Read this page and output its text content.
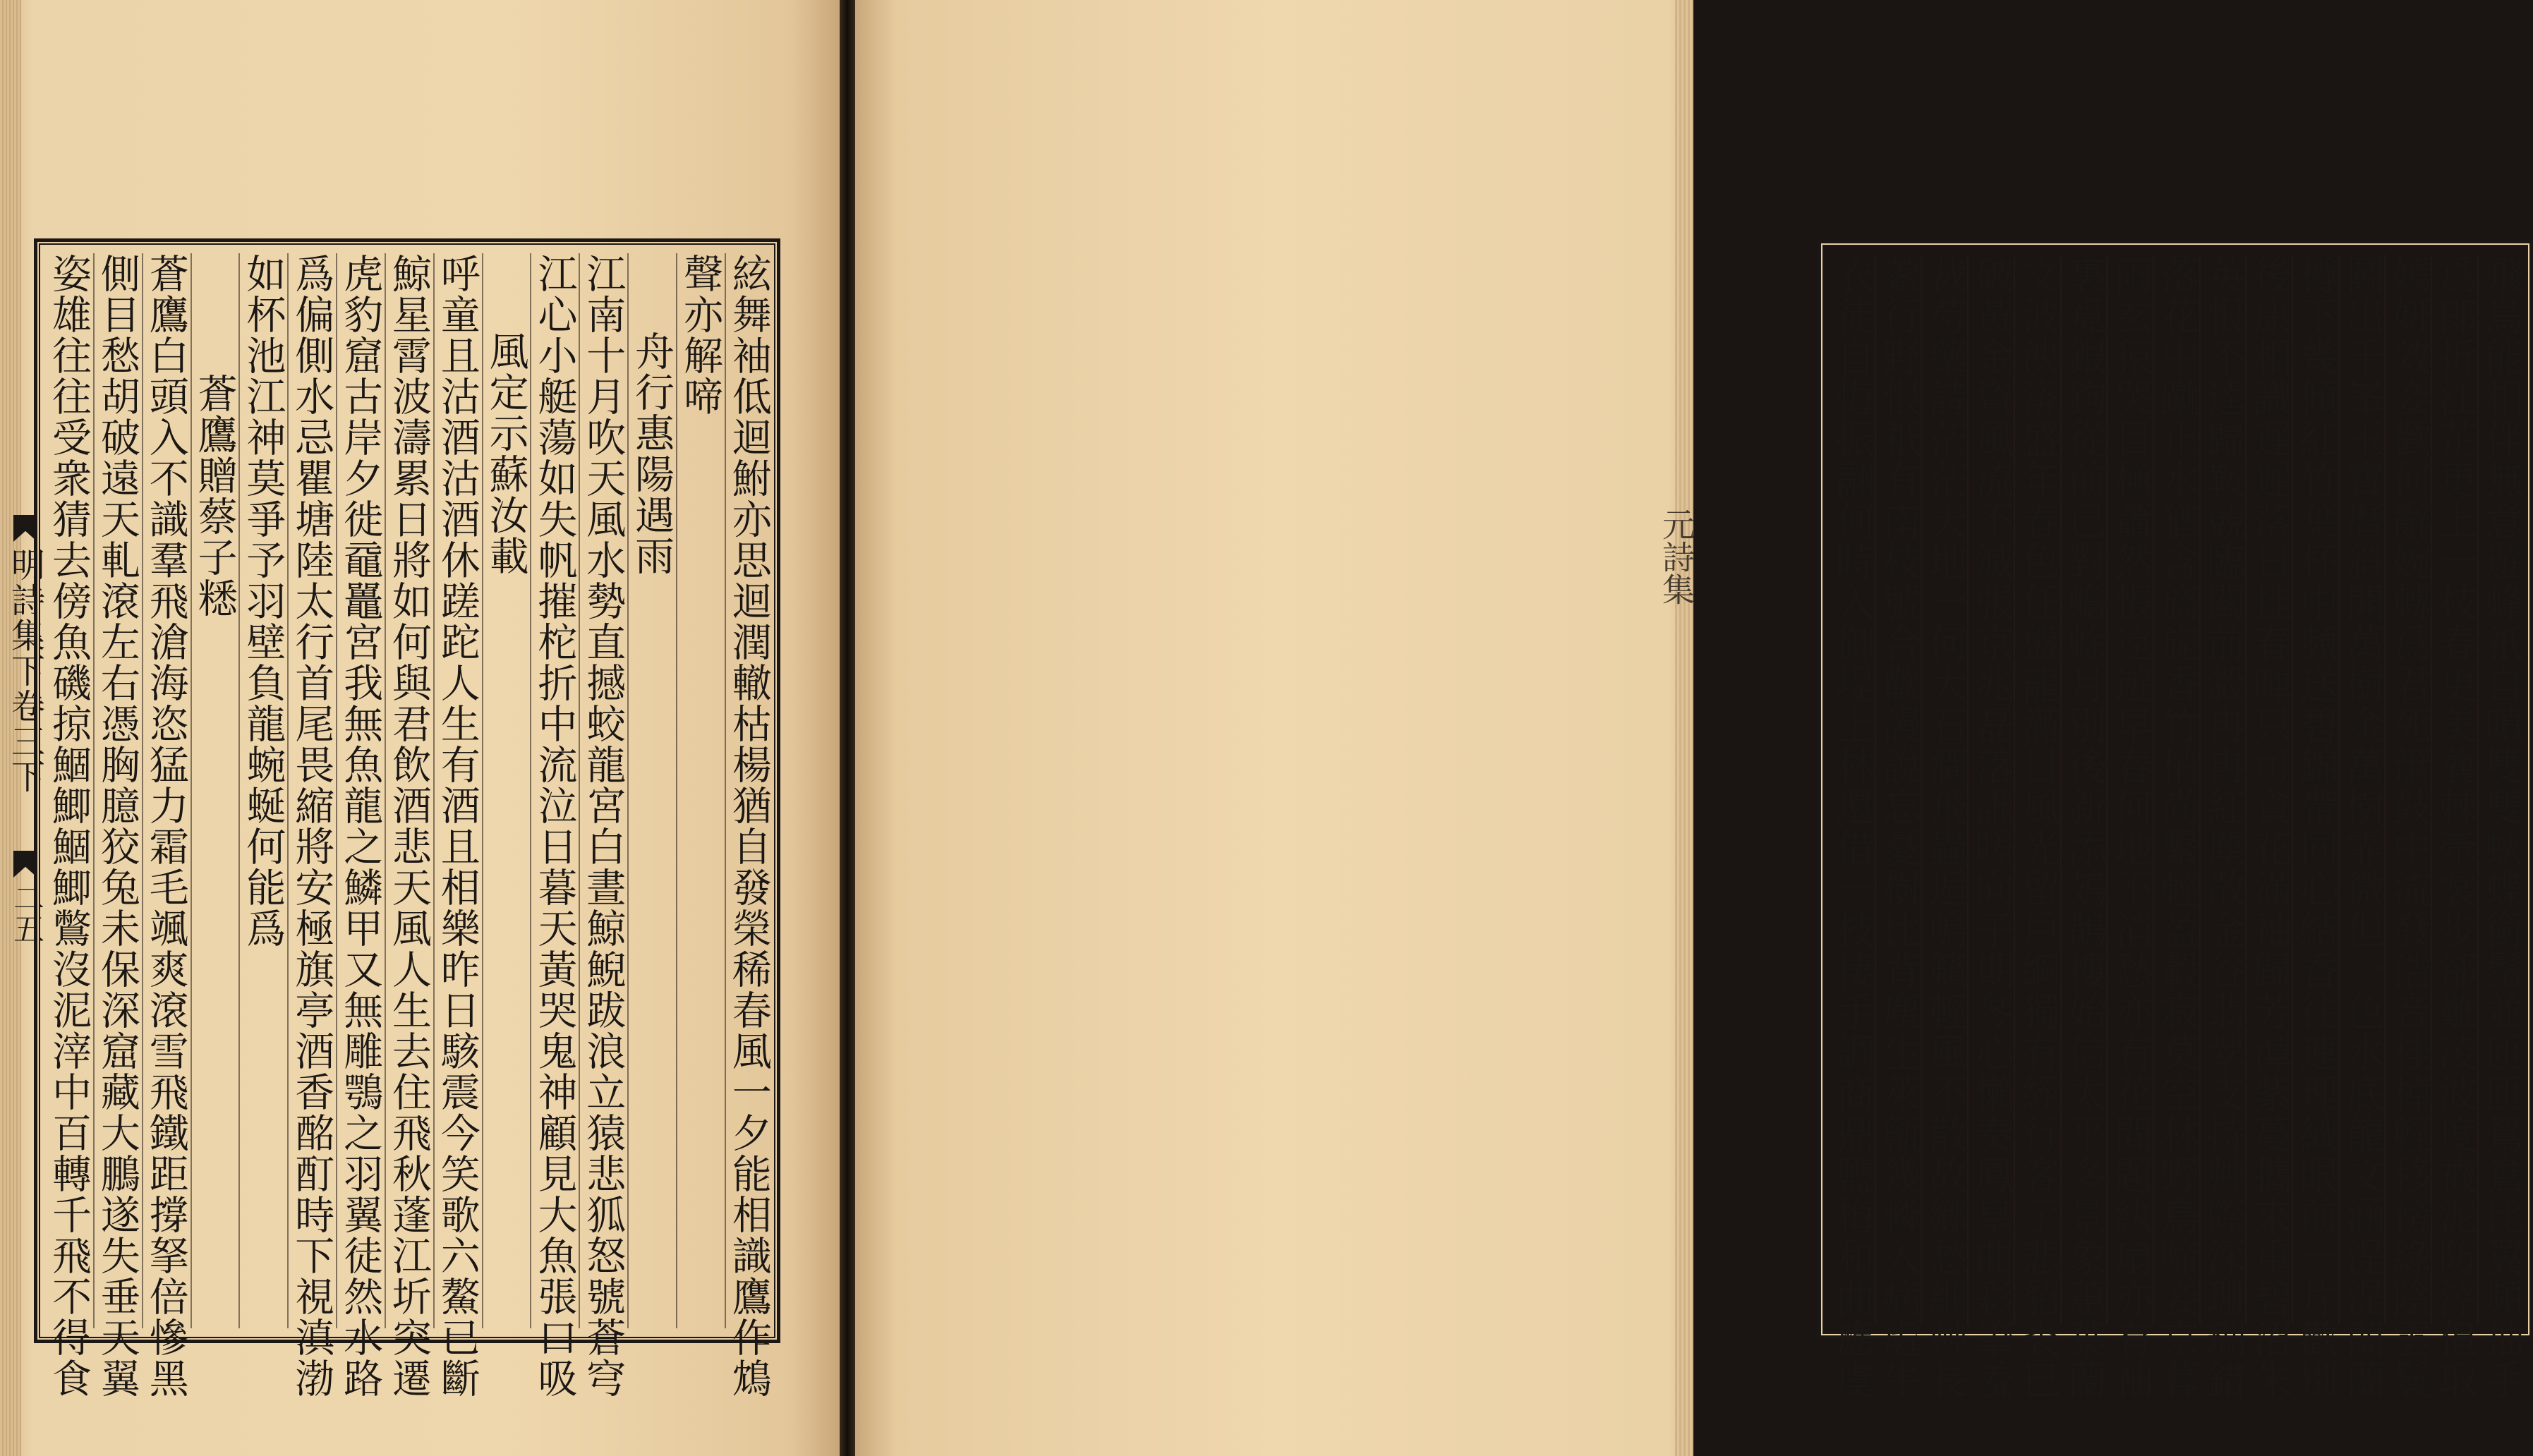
明詩集下卷三下
二五	絃舞袖低迴鮒亦思迴潤轍枯楊猶自發榮稀春風一夕能相識鷹作鴆
聲亦解啼
舟行惠陽遇雨
江南十月吹天風水勢直撼蛟龍宮白晝鯨鯢跋浪立猿悲狐怒號蒼穹
江心小艇蕩如失帆摧柁折中流泣日暮天黃哭鬼神顧見大魚張口吸
風定示蘇汝載
呼童且沽酒沽酒休蹉跎人生有酒且相樂昨日駭震今笑歌六鰲已斷
鯨星霄波濤累日將如何與君飲酒悲天風人生去住飛秋蓬江圻突遷
虎豹窟古岸夕徙黿鼉宮我無魚龍之鱗甲又無雕鶚之羽翼徒然水路
爲偏側水忌瞿塘陸太行首尾畏縮將安極旗亭酒香酩酊時下視滇渤
如杯池江神莫爭予羽壁負龍蜿蜒何能爲
蒼鷹贈蔡子䊝
蒼鷹白頭入不識羣飛滄海恣猛力霜毛颯爽滾雪飛鐵距撐拏倍慘黑
側目愁胡破遠天軋滾左右憑胸臆狡兔未保深窟藏大鵬遂失垂天翼
姿雄往往受衆猜去傍魚磯掠鯝鯽鯝鯽鷩沒泥滓中百轉千飛不得食	飛鳥能相伴無意遊蜂祇自嗔雙雙蛺蝶銜鬚並匝匝鴛鴦比翼頻抽手
爲郎折江芷更上一枝春更美蘘棘牽裳步郤難凌波度襪泥防滓但取
嫣妍效妾歡何辭婉轉爲君死簫鼓中流發浩音桂棹輕移傍綠陰雲鬟
鬬出千峯玉寶曆斜開萬樹金萬樹霏微但一色水底龍文涵湜湜蘭蘭
樽下幾傾紅竹葉杯中頻送碧錦帶同心結香往連理織眼前一片歡別
後康相識遲遲落日挂春暉只可貪花滿袖歸芳潭紫蔓攜來重碧沼朱
英恨不逵歸鞍競臨闗前轂冉冉紅塵散金谷翡翠支持艸際深珊瑚錯
落花中蹴止水猶含旖旎香竹梢尚繫輕盈轂寂莫空林野鳥啼妾京暮
雨玄猿哭目極蕭然悵遠遊早春何地不消愁亦有花間題紈扇亦有袖
裏覓銀鉤從前已對蟾蜍月別後新添鳷鵲樓始信太平多景象蕙葉蘭
文波泱漭盛年春色任盤龍滿目風光留戶綱獨有經行客亍悲貂裘巳
破黃金資風流不滅張京兆磊落誰嗟向子期琴心懶奏鳳皇曲彩筆羞
裁芍藥詩茫茫天地一何大石澗飛蟲逅鳴籟輕風不散故鄉愁細艸長
縈行野恨祇有南枝號合歡謾說忘憂樹比背塵生萊甔幾憐入病處牛
衣徒自悔振翮何時入御堤上林還借一枝棲手調商鼎鹽梅和曲應虞
元詩集
